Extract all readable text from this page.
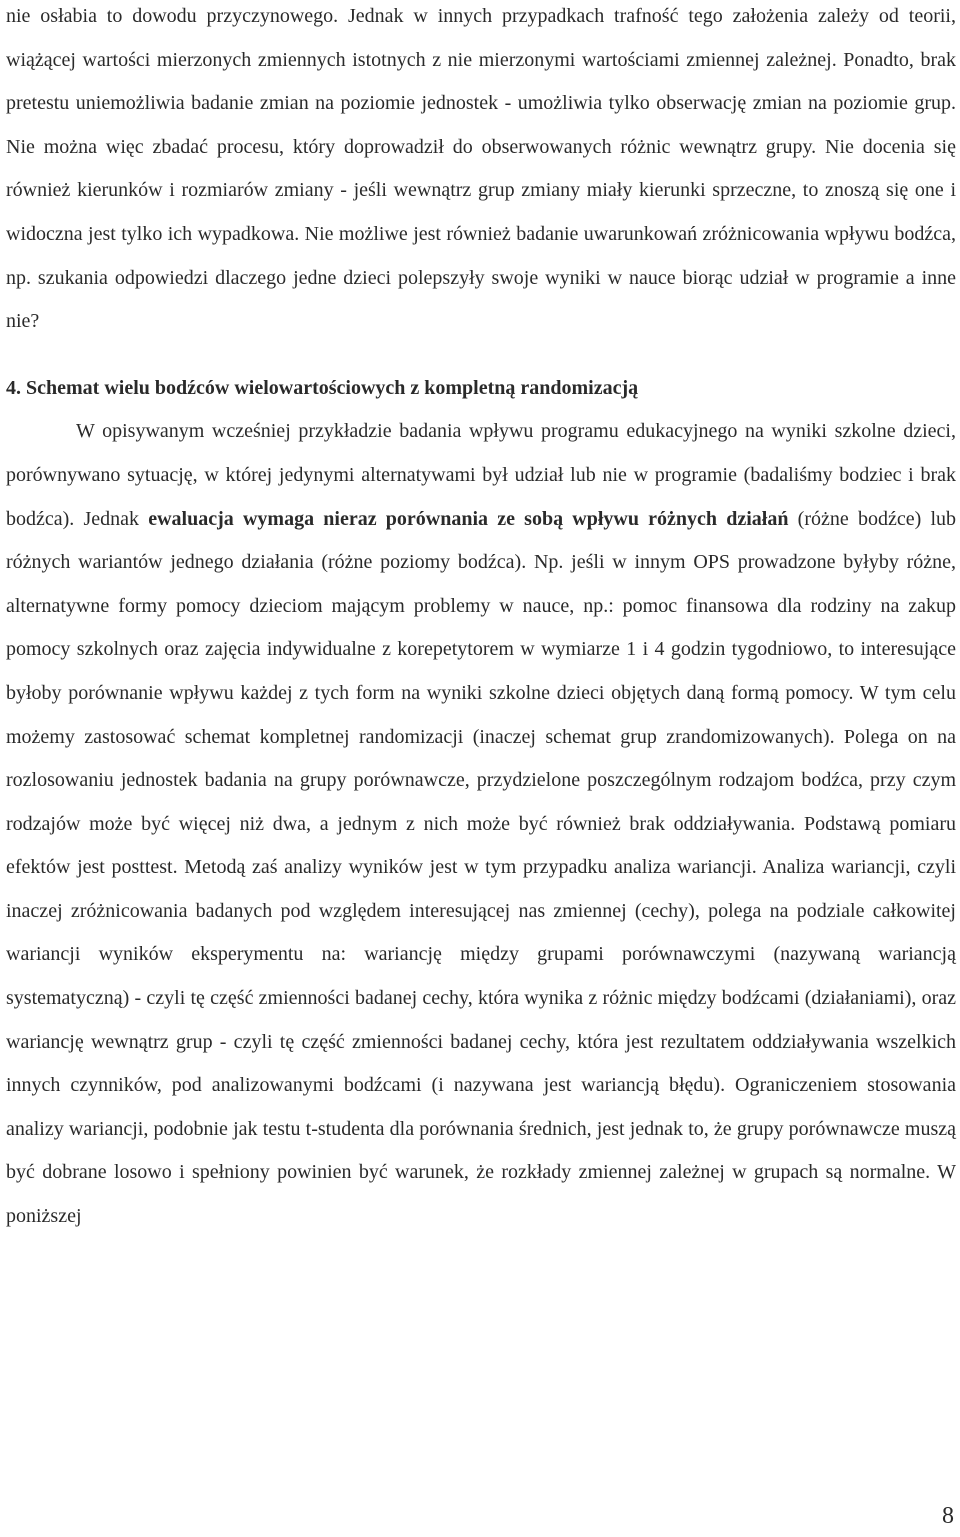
nie osłabia to dowodu przyczynowego. Jednak w innych przypadkach trafność tego założenia zależy od teorii, wiążącej wartości mierzonych zmiennych istotnych z nie mierzonymi wartościami zmiennej zależnej. Ponadto, brak pretestu uniemożliwia badanie zmian na poziomie jednostek - umożliwia tylko obserwację zmian na poziomie grup. Nie można więc zbadać procesu, który doprowadził do obserwowanych różnic wewnątrz grupy. Nie docenia się również kierunków i rozmiarów zmiany - jeśli wewnątrz grup zmiany miały kierunki sprzeczne, to znoszą się one i widoczna jest tylko ich wypadkowa. Nie możliwe jest również badanie uwarunkowań zróżnicowania wpływu bodźca, np. szukania odpowiedzi dlaczego jedne dzieci polepszyły swoje wyniki w nauce biorąc udział w programie a inne nie?

4. Schemat wielu bodźców wielowartościowych z kompletną randomizacją

W opisywanym wcześniej przykładzie badania wpływu programu edukacyjnego na wyniki szkolne dzieci, porównywano sytuację, w której jedynymi alternatywami był udział lub nie w programie (badaliśmy bodziec i brak bodźca). Jednak ewaluacja wymaga nieraz porównania ze sobą wpływu różnych działań (różne bodźce) lub różnych wariantów jednego działania (różne poziomy bodźca). Np. jeśli w innym OPS prowadzone byłyby różne, alternatywne formy pomocy dzieciom mającym problemy w nauce, np.: pomoc finansowa dla rodziny na zakup pomocy szkolnych oraz zajęcia indywidualne z korepetytorem w wymiarze 1 i 4 godzin tygodniowo, to interesujące byłoby porównanie wpływu każdej z tych form na wyniki szkolne dzieci objętych daną formą pomocy. W tym celu możemy zastosować schemat kompletnej randomizacji (inaczej schemat grup zrandomizowanych). Polega on na rozlosowaniu jednostek badania na grupy porównawcze, przydzielone poszczególnym rodzajom bodźca, przy czym rodzajów może być więcej niż dwa, a jednym z nich może być również brak oddziaływania. Podstawą pomiaru efektów jest posttest. Metodą zaś analizy wyników jest w tym przypadku analiza wariancji. Analiza wariancji, czyli inaczej zróżnicowania badanych pod względem interesującej nas zmiennej (cechy), polega na podziale całkowitej wariancji wyników eksperymentu na: wariancję między grupami porównawczymi (nazywaną wariancją systematyczną) - czyli tę część zmienności badanej cechy, która wynika z różnic między bodźcami (działaniami), oraz wariancję wewnątrz grup - czyli tę część zmienności badanej cechy, która jest rezultatem oddziaływania wszelkich innych czynników, pod analizowanymi bodźcami (i nazywana jest wariancją błędu). Ograniczeniem stosowania analizy wariancji, podobnie jak testu t-studenta dla porównania średnich, jest jednak to, że grupy porównawcze muszą być dobrane losowo i spełniony powinien być warunek, że rozkłady zmiennej zależnej w grupach są normalne. W poniższej

8
